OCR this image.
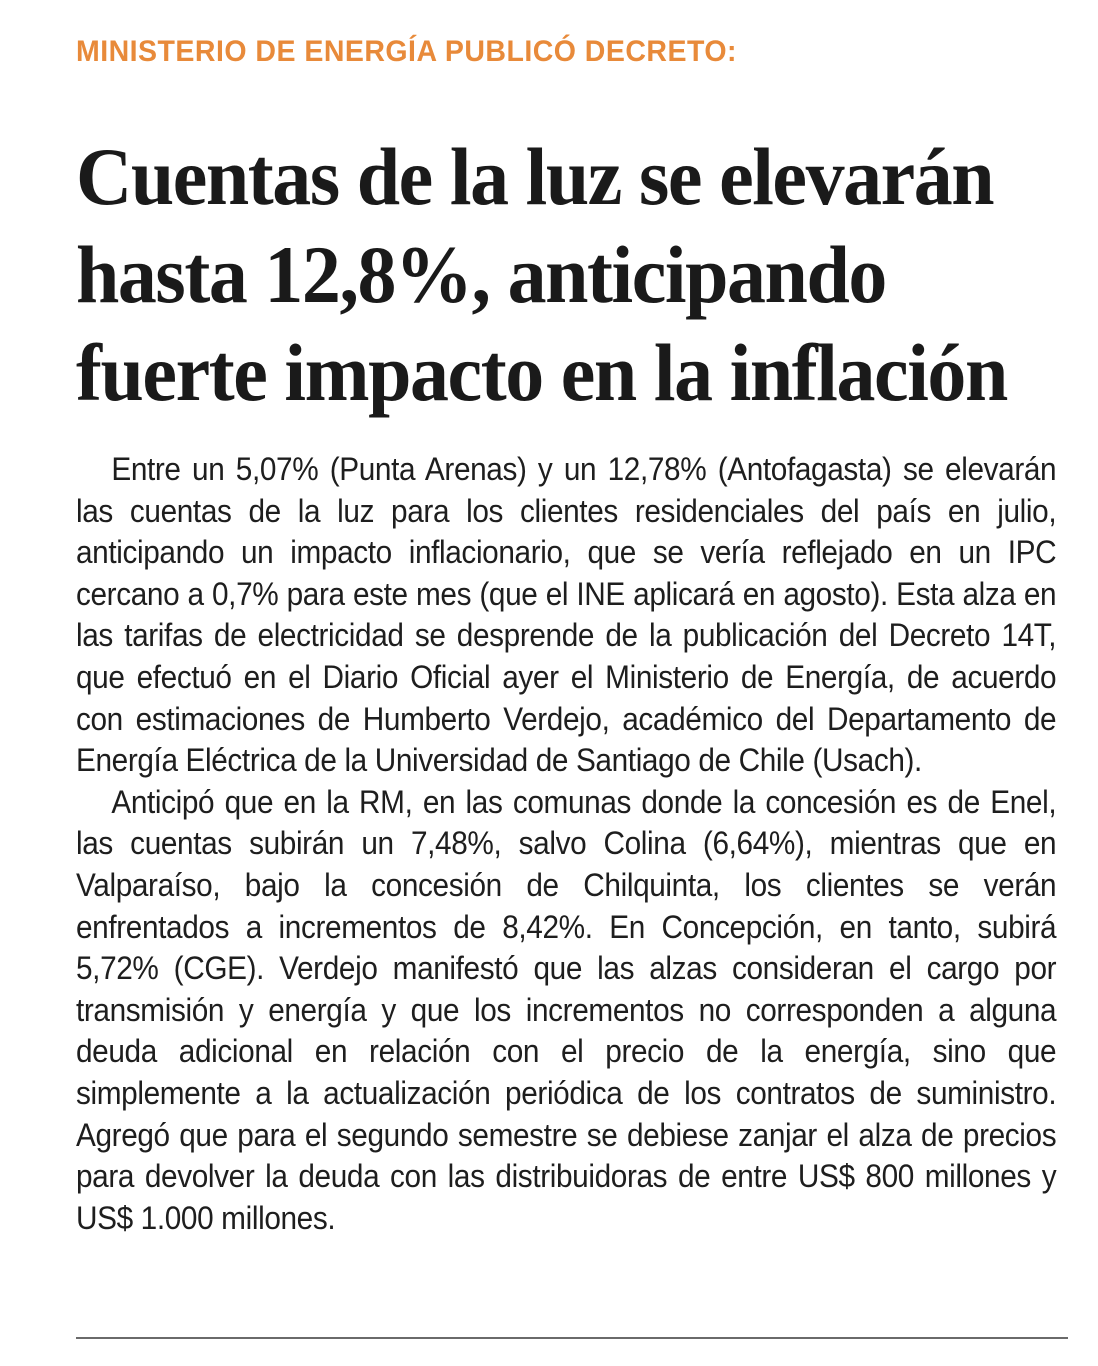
MINISTERIO DE ENERGÍA PUBLICÓ DECRETO:
Cuentas de la luz se elevarán
hasta 12,8%, anticipando
fuerte impacto en la inflación

Entre un 5,07% (Punta Arenas) y un 12,78% (Antofagasta) se elevarán las cuentas de la luz para los clientes residenciales del país en julio, anticipando un impacto inflacionario, que se vería reflejado en un IPC cercano a 0,7% para este mes (que el INE aplicará en agosto). Esta alza en las tarifas de electricidad se desprende de la publicación del Decreto 14T, que efectuó en el Diario Oficial ayer el Ministerio de Energía, de acuerdo con estimaciones de Humberto Verdejo, académico del Departamento de Energía Eléctrica de la Universidad de Santiago de Chile (Usach).

Anticipó que en la RM, en las comunas donde la concesión es de Enel, las cuentas subirán un 7,48%, salvo Colina (6,64%), mientras que en Valparaíso, bajo la concesión de Chilquinta, los clientes se verán enfrentados a incrementos de 8,42%. En Concepción, en tanto, subirá 5,72% (CGE). Verdejo manifestó que las alzas consideran el cargo por transmisión y energía y que los incrementos no corresponden a alguna deuda adicional en relación con el precio de la energía, sino que simplemente a la actualización periódica de los contratos de suministro. Agregó que para el segundo semestre se debiese zanjar el alza de precios para devolver la deuda con las distribuidoras de entre US$ 800 millones y US$ 1.000 millones.
